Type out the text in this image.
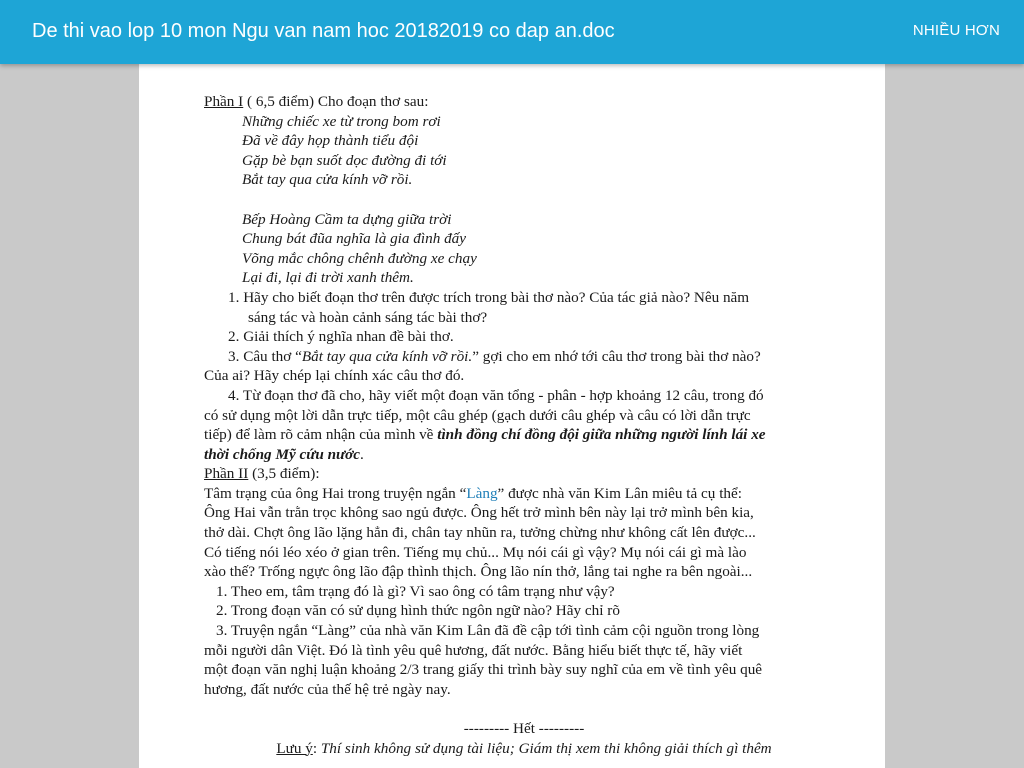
De thi vao lop 10 mon Ngu van nam hoc 20182019 co dap an.doc	NHIỀU HƠN
Phần I ( 6,5 điểm) Cho đoạn thơ sau:
Những chiếc xe từ trong bom rơi
Đã về đây họp thành tiểu đội
Gặp bè bạn suốt dọc đường đi tới
Bắt tay qua cửa kính vỡ rồi.
Bếp Hoàng Cầm ta dựng giữa trời
Chung bát đũa nghĩa là gia đình đấy
Võng mắc chông chênh đường xe chạy
Lại đi, lại đi trời xanh thêm.
1. Hãy cho biết đoạn thơ trên được trích trong bài thơ nào? Của tác giả nào? Nêu năm
sáng tác và hoàn cảnh sáng tác bài thơ?
2. Giải thích ý nghĩa nhan đề bài thơ.
3. Câu thơ “Bắt tay qua cửa kính vỡ rồi.” gợi cho em nhớ tới câu thơ trong bài thơ nào?
Của ai? Hãy chép lại chính xác câu thơ đó.
4. Từ đoạn thơ đã cho, hãy viết một đoạn văn tổng - phân - hợp khoảng 12 câu, trong đó
có sử dụng một lời dẫn trực tiếp, một câu ghép (gạch dưới câu ghép và câu có lời dẫn trực
tiếp) để làm rõ cảm nhận của mình về tình đồng chí đồng đội giữa những người lính lái xe
thời chống Mỹ cứu nước.
Phần II (3,5 điểm):
Tâm trạng của ông Hai trong truyện ngắn “Làng” được nhà văn Kim Lân miêu tả cụ thể:
Ông Hai vẫn trằn trọc không sao ngủ được. Ông hết trở mình bên này lại trở mình bên kia,
thở dài. Chợt ông lão lặng hẳn đi, chân tay nhũn ra, tưởng chừng như không cất lên được...
Có tiếng nói léo xéo ở gian trên. Tiếng mụ chủ... Mụ nói cái gì vậy? Mụ nói cái gì mà lào
xào thế? Trống ngực ông lão đập thình thịch. Ông lão nín thở, lắng tai nghe ra bên ngoài...
1. Theo em, tâm trạng đó là gì? Vì sao ông có tâm trạng như vậy?
2. Trong đoạn văn có sử dụng hình thức ngôn ngữ nào? Hãy chỉ rõ
3. Truyện ngắn “Làng” của nhà văn Kim Lân đã đề cập tới tình cảm cội nguồn trong lòng
mỗi người dân Việt. Đó là tình yêu quê hương, đất nước. Bằng hiểu biết thực tế, hãy viết
một đoạn văn nghị luận khoảng 2/3 trang giấy thi trình bày suy nghĩ của em về tình yêu quê
hương, đất nước của thế hệ trẻ ngày nay.
--------- Hết ---------
Lưu ý: Thí sinh không sử dụng tài liệu; Giám thị xem thi không giải thích gì thêm
